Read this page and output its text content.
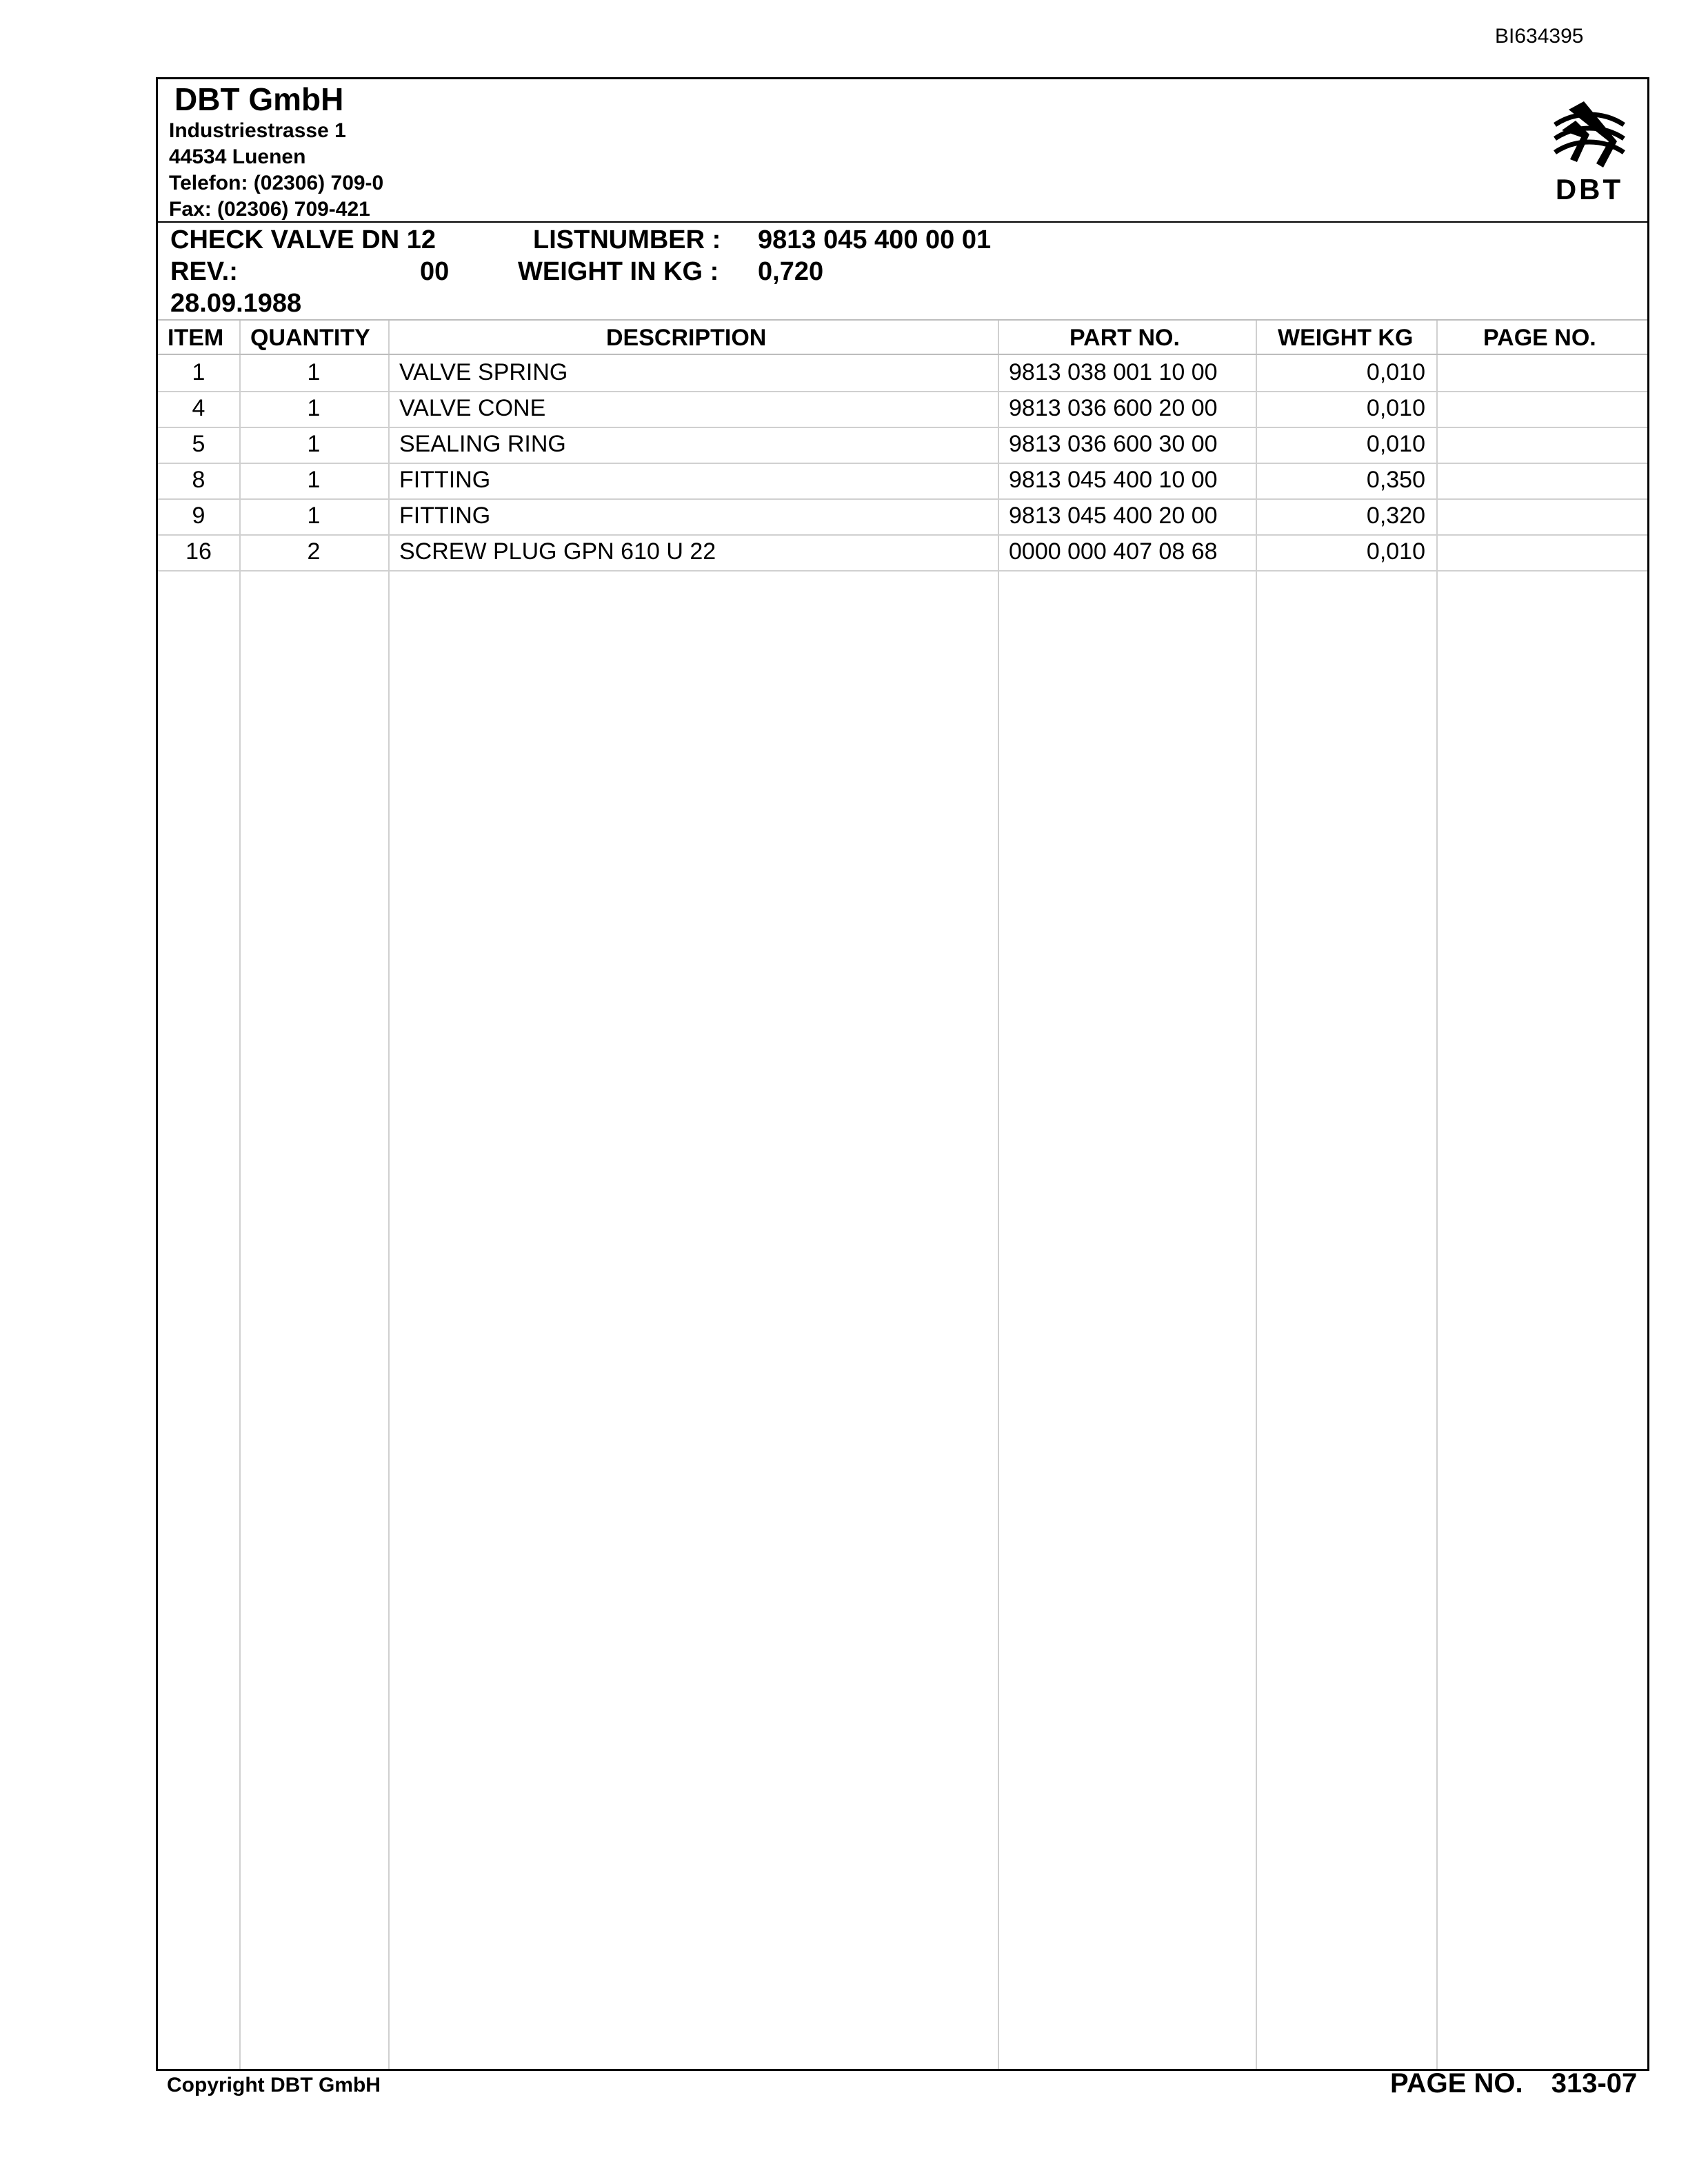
BI634395
DBT GmbH
Industriestrasse 1
44534 Luenen
Telefon: (02306) 709-0
Fax: (02306) 709-421
DBT
CHECK VALVE DN 12	LISTNUMBER : 9813 045 400 00 01
REV.:	00	WEIGHT IN KG : 0,720
28.09.1988
ITEM QUANTITY	DESCRIPTION	PART NO.	WEIGHT KG	PAGE NO.
1	1	VALVE SPRING	9813 038 001 10 00	0,010
4	1	VALVE CONE	9813 036 600 20 00	0,010
5	1	SEALING RING	9813 036 600 30 00	0,010
8	1	FITTING	9813 045 400 10 00	0,350
9	1	FITTING	9813 045 400 20 00	0,320
16	2	SCREW PLUG GPN 610 U 22	0000 000 407 08 68	0,010
Copyright DBT GmbH	PAGE NO. 313-07
